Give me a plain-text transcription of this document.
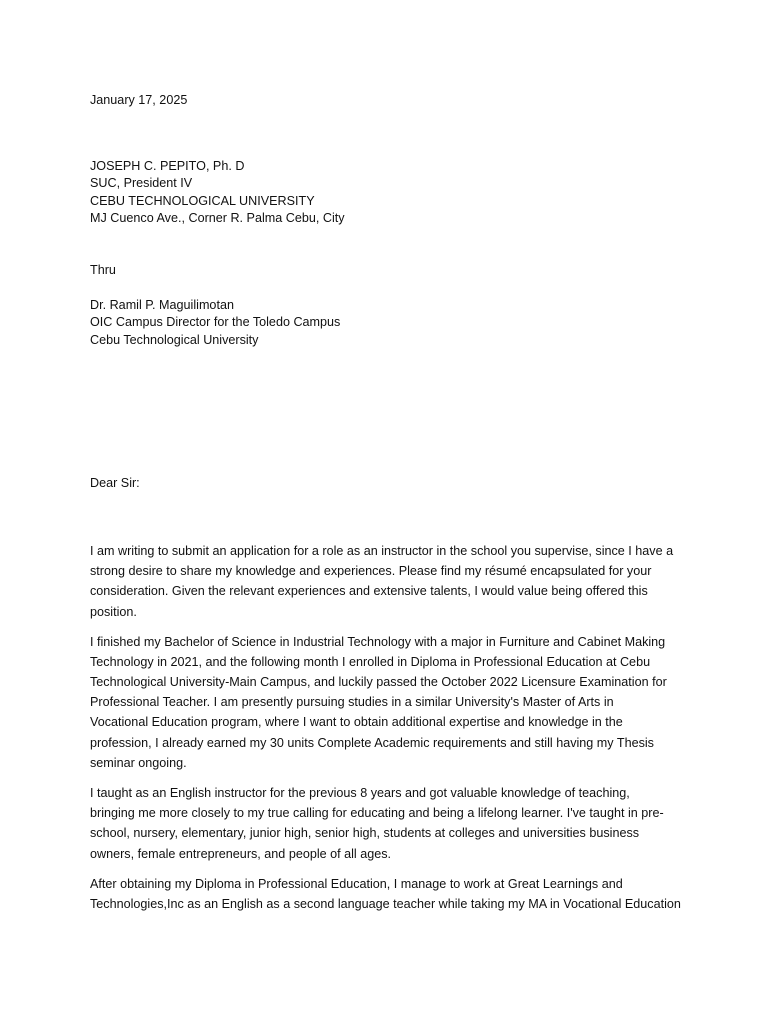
January 17, 2025
JOSEPH C. PEPITO, Ph. D
SUC, President IV
CEBU TECHNOLOGICAL UNIVERSITY
MJ Cuenco Ave., Corner R. Palma Cebu, City
Thru
Dr. Ramil P. Maguilimotan
OIC Campus Director for the Toledo Campus
Cebu Technological University
Dear Sir:
I am writing to submit an application for a role as an instructor in the school you supervise, since I have a
strong desire to share my knowledge and experiences. Please find my résumé encapsulated for your
consideration. Given the relevant experiences and extensive talents, I would value being offered this
position.
I finished my Bachelor of Science in Industrial Technology with a major in Furniture and Cabinet Making
Technology in 2021, and the following month I enrolled in Diploma in Professional Education at Cebu
Technological University-Main Campus, and luckily passed the October 2022 Licensure Examination for
Professional Teacher. I am presently pursuing studies in a similar University's Master of Arts in
Vocational Education program, where I want to obtain additional expertise and knowledge in the
profession, I already earned my 30 units Complete Academic requirements and still having my Thesis
seminar ongoing.
I taught as an English instructor for the previous 8 years and got valuable knowledge of teaching,
bringing me more closely to my true calling for educating and being a lifelong learner. I've taught in pre-
school, nursery, elementary, junior high, senior high, students at colleges and universities business
owners, female entrepreneurs, and people of all ages.
After obtaining my Diploma in Professional Education, I manage to work at Great Learnings and
Technologies,Inc as an English as a second language teacher while taking my MA in Vocational Education
